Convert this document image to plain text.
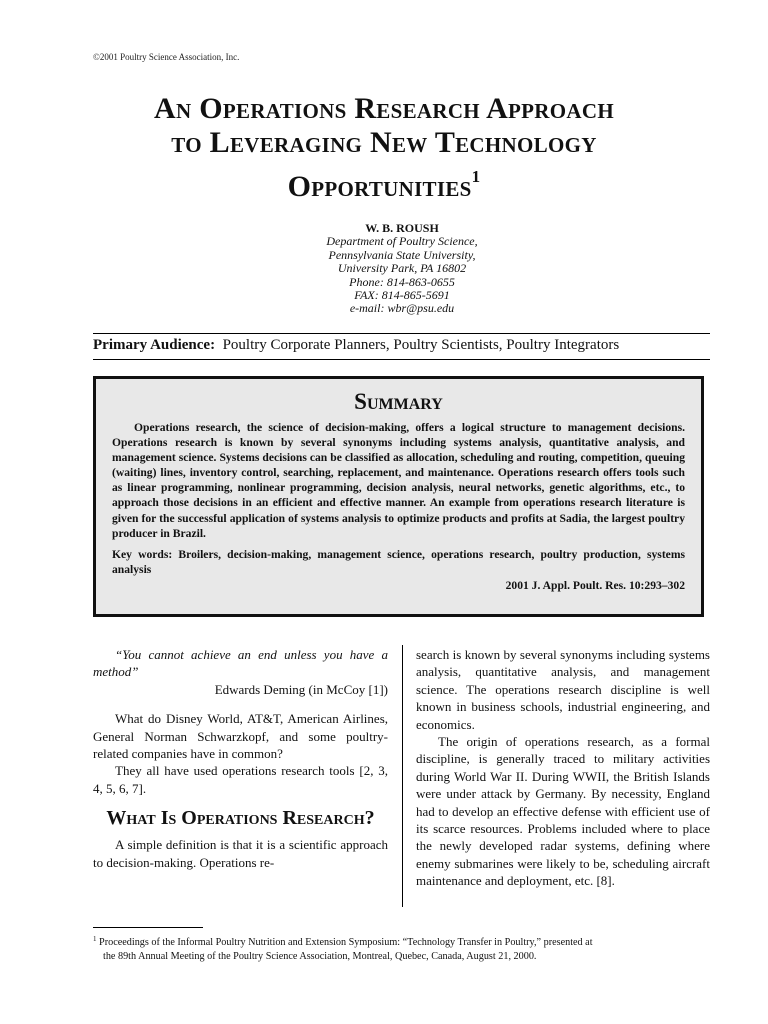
©2001 Poultry Science Association, Inc.
An Operations Research Approach
to Leveraging New Technology
Opportunities$^1$
W. B. ROUSH
Department of Poultry Science,
Pennsylvania State University,
University Park, PA 16802
Phone: 814-863-0655
FAX: 814-865-5691
e-mail: wbr@psu.edu
Primary Audience: Poultry Corporate Planners, Poultry Scientists, Poultry Integrators
Summary

Operations research, the science of decision-making, offers a logical structure to management decisions. Operations research is known by several synonyms including systems analysis, quantitative analysis, and management science. Systems decisions can be classified as allocation, scheduling and routing, competition, queuing (waiting) lines, inventory control, searching, replacement, and maintenance. Operations research offers tools such as linear programming, nonlinear programming, decision analysis, neural networks, genetic algorithms, etc., to approach those decisions in an efficient and effective manner. An example from operations research literature is given for the successful application of systems analysis to optimize products and profits at Sadia, the largest poultry producer in Brazil.

Key words: Broilers, decision-making, management science, operations research, poultry production, systems analysis

2001 J. Appl. Poult. Res. 10:293–302

“You cannot achieve an end unless you have a method”

Edwards Deming (in McCoy [1])

What do Disney World, AT&T, American Airlines, General Norman Schwarzkopf, and some poultry-related companies have in common?

They all have used operations research tools [2, 3, 4, 5, 6, 7].

What Is Operations Research?

A simple definition is that it is a scientific approach to decision-making. Operations re-

search is known by several synonyms including systems analysis, quantitative analysis, and management science. The operations research discipline is well known in business schools, industrial engineering, and economics.

The origin of operations research, as a formal discipline, is generally traced to military activities during World War II. During WWII, the British Islands were under attack by Germany. By necessity, England had to develop an effective defense with efficient use of its scarce resources. Problems included where to place the newly developed radar systems, defining where enemy submarines were likely to be, scheduling aircraft maintenance and deployment, etc. [8].

$^1$ Proceedings of the Informal Poultry Nutrition and Extension Symposium: “Technology Transfer in Poultry,” presented at
the 89th Annual Meeting of the Poultry Science Association, Montreal, Quebec, Canada, August 21, 2000.
